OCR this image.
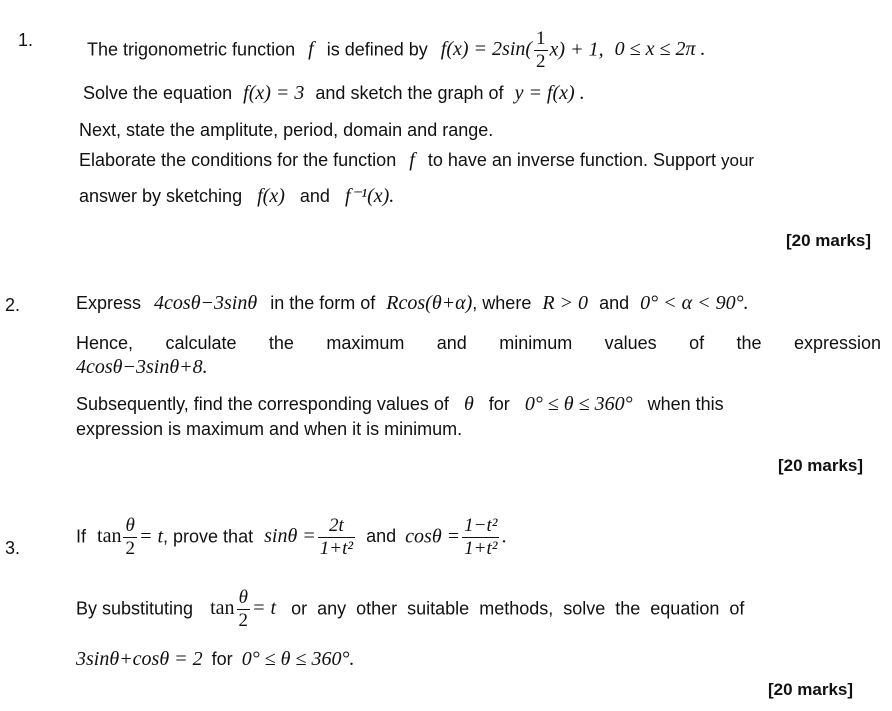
1.	The trigonometric function f is defined by $f(x) = 2\sin( \frac{1}{2} x) + 1$, 0 ≤ x ≤ 2π .
Solve the equation f(x) = 3 and sketch the graph of y = f(x) .
Next, state the amplitute, period, domain and range.
Elaborate the conditions for the function f to have an inverse function. Support your
answer by sketching f(x) and f⁻¹(x).
[20 marks]
2.	Express 4cosθ−3sinθ in the form of Rcos(θ+α), where R > 0 and 0° < α < 90°.
Hence, calculate the maximum and minimum values of the expression
4cosθ−3sinθ+8.
Subsequently, find the corresponding values of θ for 0° ≤ θ ≤ 360° when this
expression is maximum and when it is minimum.
[20 marks]
3.
If $\tan \frac{\theta}{2} = t$, prove that $\sin\theta = \frac{2t}{\text{1+t²}}$ and $\cos\theta = \frac{\text{1−t²}}{\text{1+t²}}$ .
By substituting $\tan \frac{\theta}{2} = t$ or  any  other  suitable  methods,  solve  the  equation  of
3sinθ+cosθ = 2 for 0° ≤ θ ≤ 360°.
[20 marks]
